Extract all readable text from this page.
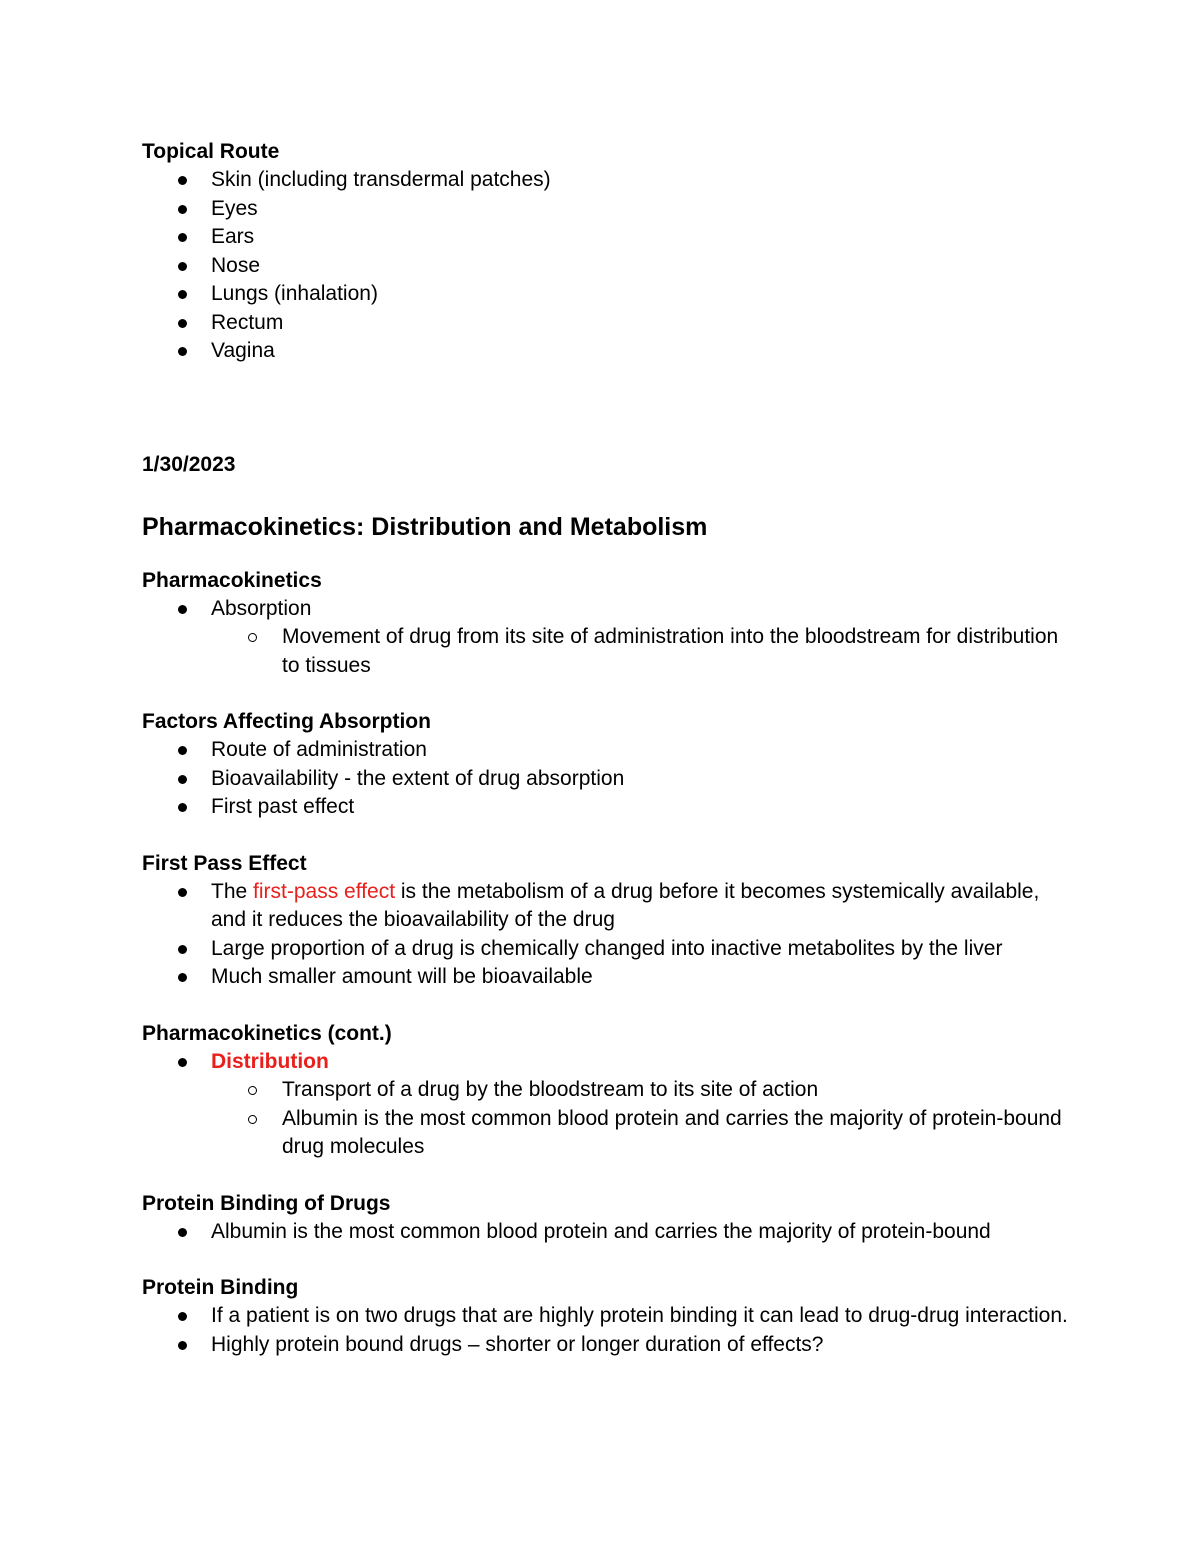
Topical Route

Skin (including transdermal patches)
Eyes
Ears
Nose
Lungs (inhalation)
Rectum
Vagina

1/30/2023

Pharmacokinetics: Distribution and Metabolism

Pharmacokinetics

Absorption
Movement of drug from its site of administration into the bloodstream for distribution to tissues

Factors Affecting Absorption

Route of administration
Bioavailability - the extent of drug absorption
First past effect

First Pass Effect

The first-pass effect is the metabolism of a drug before it becomes systemically available, and it reduces the bioavailability of the drug
Large proportion of a drug is chemically changed into inactive metabolites by the liver
Much smaller amount will be bioavailable

Pharmacokinetics (cont.)

Distribution
Transport of a drug by the bloodstream to its site of action
Albumin is the most common blood protein and carries the majority of protein-bound drug molecules

Protein Binding of Drugs

Albumin is the most common blood protein and carries the majority of protein-bound

Protein Binding

If a patient is on two drugs that are highly protein binding it can lead to drug-drug interaction.
Highly protein bound drugs – shorter or longer duration of effects?
